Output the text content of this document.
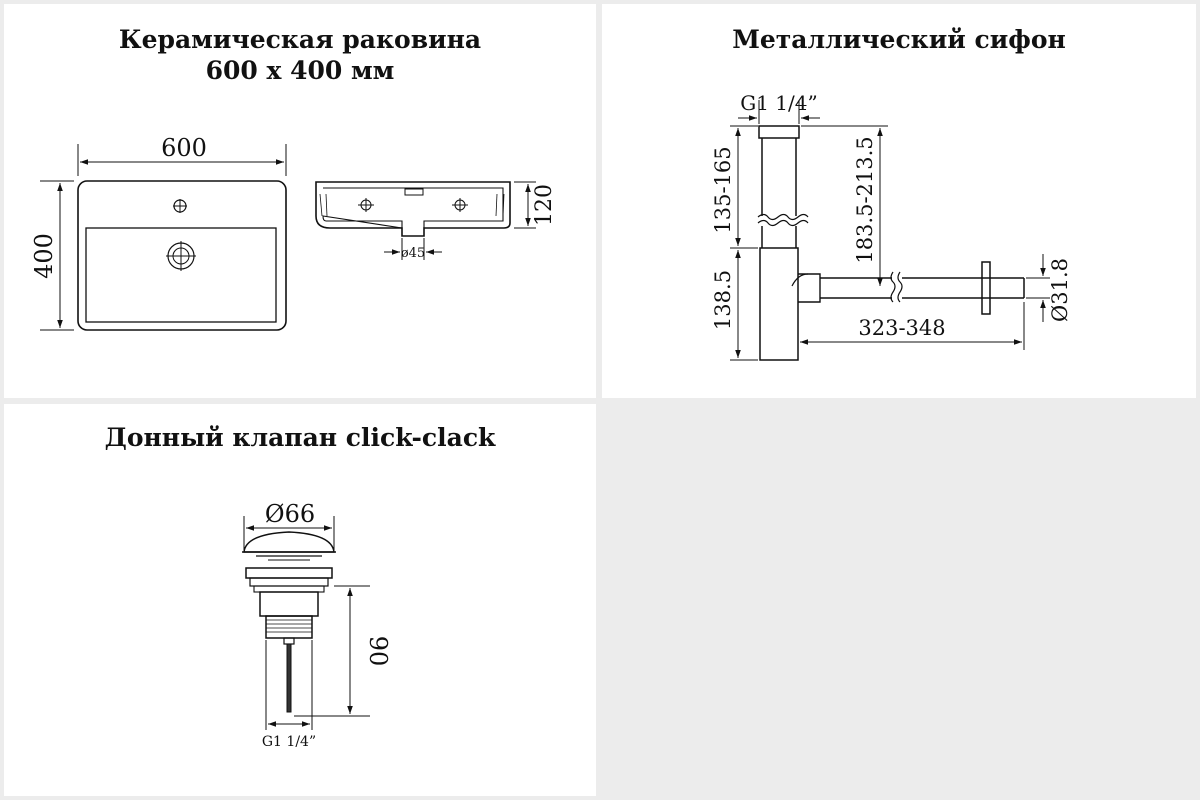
Керамическая раковина
600 x 400 мм
600
400
120
ø45
Металлический сифон
G1 1/4”
135-165
138.5
183.5-213.5
323-348
Ø31.8
Донный клапан click-clack
Ø66
90
G1 1/4”
